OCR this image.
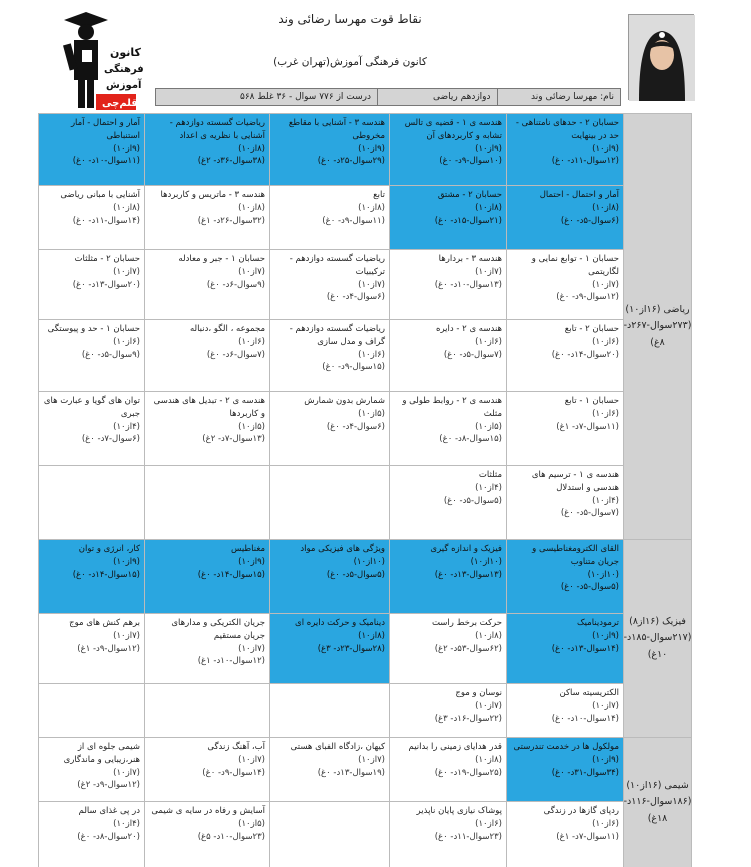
کانون
فرهنگی
آموزش
قلم‌چی
نقاط قوت مهرسا رضائی وند
کانون فرهنگی آموزش(تهران غرب)
نام: مهرسا رضائی وند
دوازدهم ریاضی
۵۶۸ درست از ۷۷۶ سوال - ۳۶ غلط
آمار و احتمال - آمار استنباطی
(۹از۱۰)
(۱۱سوال-۱۰د- ۰غ)
ریاضیات گسسته دوازدهم - آشنایی با نظریه ی اعداد
(۸از۱۰)
(۳۸سوال-۳۶د- ۲غ)
هندسه ۳ - آشنایی با مقاطع مخروطی
(۹از۱۰)
(۲۹سوال-۲۵د- ۰غ)
هندسه ی ۱ - قضیه ی تالس تشابه و کاربردهای آن
(۹از۱۰)
(۱۰سوال-۹د- ۰غ)
حسابان ۲ - حدهای نامتناهی - حد در بینهایت
(۹از۱۰)
(۱۲سوال-۱۱د- ۰غ)
آشنایی با مبانی ریاضی
(۸از۱۰)
(۱۴سوال-۱۱د- ۰غ)
هندسه ۳ - ماتریس و کاربردها
(۸از۱۰)
(۳۲سوال-۲۶د- ۱غ)
تابع
(۸از۱۰)
(۱۱سوال-۹د- ۰غ)
حسابان ۲ - مشتق
(۸از۱۰)
(۲۱سوال-۱۵د- ۰غ)
آمار و احتمال - احتمال
(۸از۱۰)
(۶سوال-۵د- ۰غ)
حسابان ۲ - مثلثات
(۷از۱۰)
(۲۰سوال-۱۳د- ۰غ)
حسابان ۱ - جبر و معادله
(۷از۱۰)
(۹سوال-۶د- ۰غ)
ریاضیات گسسته دوازدهم - ترکیبیات
(۷از۱۰)
(۶سوال-۴د- ۰غ)
هندسه ۳ - بردارها
(۷از۱۰)
(۱۳سوال-۱۰د- ۰غ)
حسابان ۱ - توابع نمایی و لگاریتمی
(۷از۱۰)
(۱۲سوال-۹د- ۰غ)
حسابان ۱ - حد و پیوستگی
(۶از۱۰)
(۹سوال-۵د- ۰غ)
مجموعه ، الگو ،دنباله
(۶از۱۰)
(۷سوال-۶د- ۰غ)
ریاضیات گسسته دوازدهم - گراف و مدل سازی
(۶از۱۰)
(۱۵سوال-۹د- ۰غ)
هندسه ی ۲ - دایره
(۶از۱۰)
(۷سوال-۵د- ۰غ)
حسابان ۲ - تابع
(۶از۱۰)
(۲۰سوال-۱۴د- ۰غ)
توان های گویا و عبارت های جبری
(۴از۱۰)
(۶سوال-۷د- ۰غ)
هندسه ی ۲ - تبدیل های هندسی و کاربردها
(۵از۱۰)
(۱۳سوال-۷د- ۲غ)
شمارش بدون شمارش
(۵از۱۰)
(۶سوال-۴د- ۰غ)
هندسه ی ۲ - روابط طولی و مثلث
(۵از۱۰)
(۱۵سوال-۸د- ۰غ)
حسابان ۱ - تابع
(۶از۱۰)
(۱۱سوال-۷د- ۱غ)
مثلثات
(۴از۱۰)
(۵سوال-۵د- ۰غ)
هندسه ی ۱ - ترسیم های هندسی و استدلال
(۴از۱۰)
(۷سوال-۵د- ۰غ)
ریاضی (۱۶از۱۰) (۲۷۳سوال-۲۶۷د- ۸غ)
کار، انرژی و توان
(۹از۱۰)
(۱۵سوال-۱۴د- ۰غ)
مغناطیس
(۹از۱۰)
(۱۵سوال-۱۴د- ۰غ)
ویژگی های فیزیکی مواد
(۱۰از۱۰)
(۵سوال-۵د- ۰غ)
فیزیک و اندازه گیری
(۱۰از۱۰)
(۱۳سوال-۱۳د- ۰غ)
القای الکترومغناطیسی و جریان متناوب
(۱۰از۱۰)
(۵سوال-۵د- ۰غ)
برهم کنش های موج
(۷از۱۰)
(۱۲سوال-۹د- ۱غ)
جریان الکتریکی و مدارهای جریان مستقیم
(۷از۱۰)
(۱۲سوال-۱۰د- ۱غ)
دینامیک و حرکت دایره ای
(۸از۱۰)
(۲۸سوال-۲۳د- ۳غ)
حرکت برخط راست
(۸از۱۰)
(۶۲سوال-۵۳د- ۲غ)
ترمودینامیک
(۹از۱۰)
(۱۴سوال-۱۳د- ۰غ)
نوسان و موج
(۷از۱۰)
(۲۲سوال-۱۶د- ۳غ)
الکتریسیته ساکن
(۷از۱۰)
(۱۴سوال-۱۰د- ۰غ)
فیزیک (۱۶از۸) (۲۱۷سوال-۱۸۵د- ۱۰غ)
شیمی جلوه ای از هنر،زیبایی و ماندگاری
(۷از۱۰)
(۱۲سوال-۹د- ۲غ)
آب، آهنگ زندگی
(۷از۱۰)
(۱۴سوال-۹د- ۰غ)
کیهان ،زادگاه الفبای هستی
(۷از۱۰)
(۱۹سوال-۱۳د- ۰غ)
قدر هدایای زمینی را بدانیم
(۸از۱۰)
(۲۵سوال-۱۹د- ۰غ)
مولکول ها در خدمت تندرستی
(۹از۱۰)
(۳۴سوال-۳۱د- ۰غ)
در پی غذای سالم
(۴از۱۰)
(۲۰سوال-۸د- ۰غ)
آسایش و رفاه در سایه ی شیمی
(۵از۱۰)
(۲۳سوال-۱۰د- ۵غ)
پوشاک نیازی پایان ناپذیر
(۶از۱۰)
(۲۳سوال-۱۱د- ۰غ)
ردپای گازها در زندگی
(۶از۱۰)
(۱۱سوال-۷د- ۱غ)
شیمی (۱۶از۱۰) (۱۸۶سوال-۱۱۶د- ۱۸غ)
